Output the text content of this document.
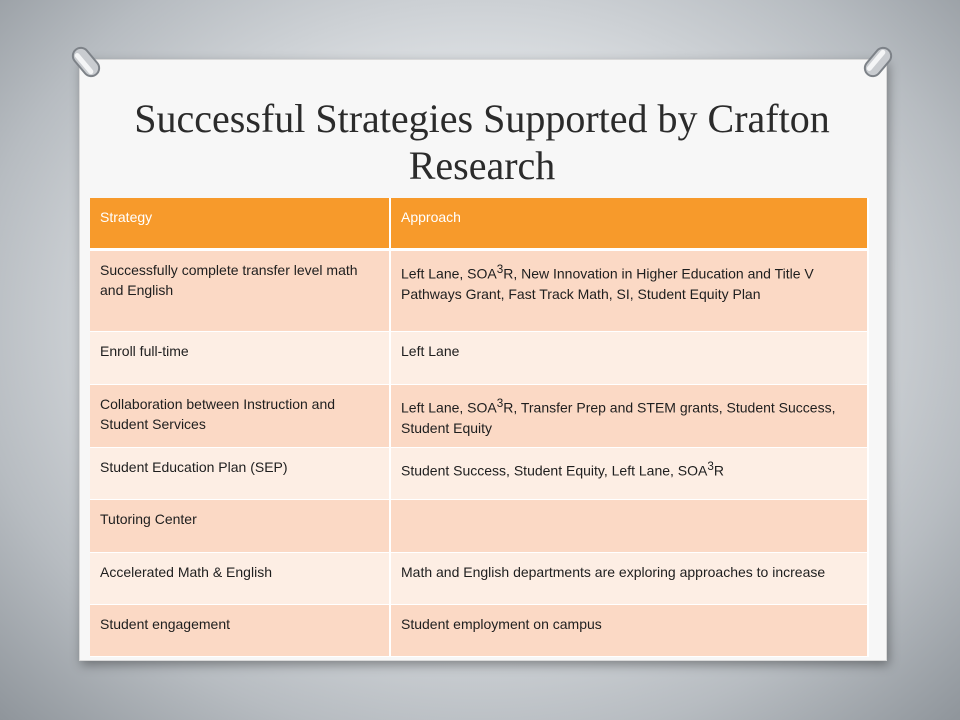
Successful Strategies Supported by Crafton Research
Strategy	Approach
Successfully complete transfer level math and English	Left Lane, SOA$^3$R, New Innovation in Higher Education and Title V Pathways Grant, Fast Track Math, SI, Student Equity Plan
Enroll full-time	Left Lane
Collaboration between Instruction and Student Services	Left Lane, SOA$^3$R, Transfer Prep and STEM grants, Student Success, Student Equity
Student Education Plan (SEP)	Student Success, Student Equity, Left Lane, SOA$^3$R
Tutoring Center	
Accelerated Math & English	Math and English departments are exploring approaches to increase
Student engagement	Student employment on campus
